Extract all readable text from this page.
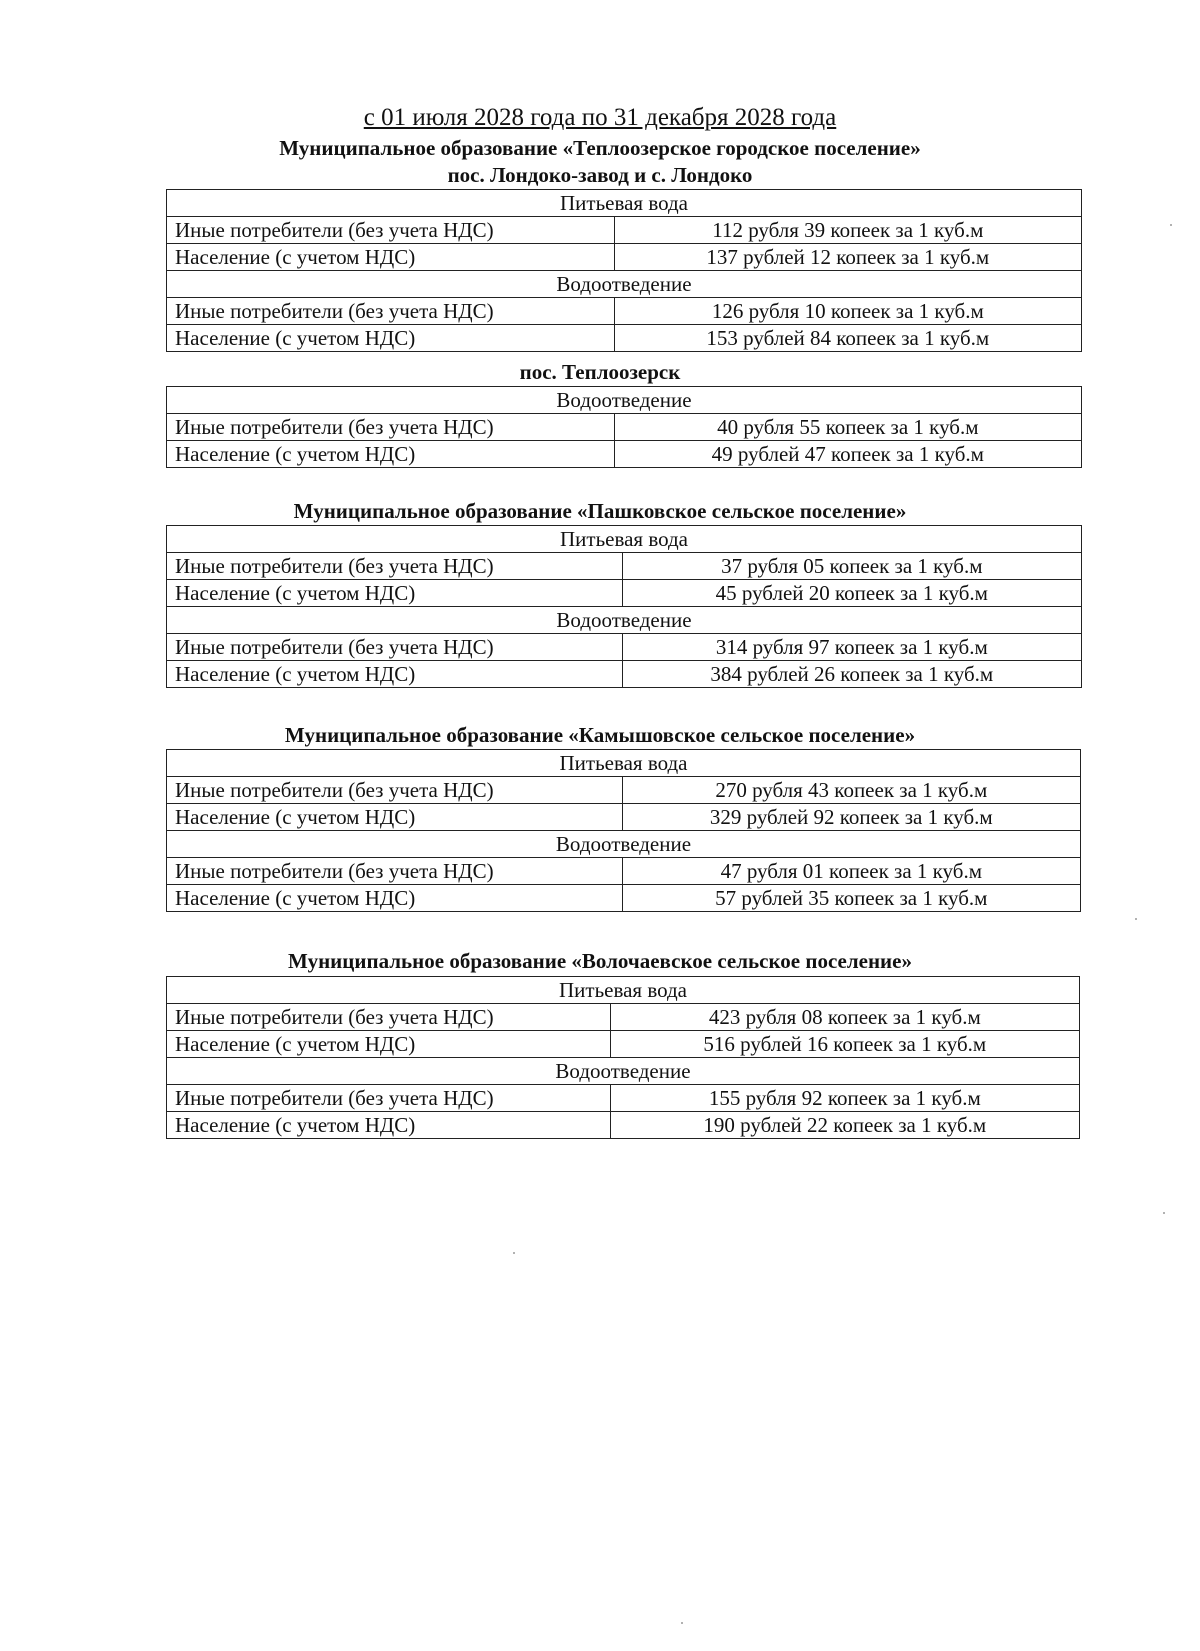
с 01 июля 2028 года по 31 декабря 2028 года
Муниципальное образование «Теплоозерское городское поселение»
пос. Лондоко-завод и с. Лондоко
Питьевая вода	
Иные потребители (без учета НДС)	112 рубля 39 копеек за 1 куб.м
Население (с учетом НДС)	137 рублей 12 копеек за 1 куб.м
Водоотведение	
Иные потребители (без учета НДС)	126 рубля 10 копеек за 1 куб.м
Население (с учетом НДС)	153 рублей 84 копеек за 1 куб.м
пос. Теплоозерск
Водоотведение	
Иные потребители (без учета НДС)	40 рубля 55 копеек за 1 куб.м
Население (с учетом НДС)	49 рублей 47 копеек за 1 куб.м
Муниципальное образование «Пашковское сельское поселение»
Питьевая вода	
Иные потребители (без учета НДС)	37 рубля 05 копеек за 1 куб.м
Население (с учетом НДС)	45 рублей 20 копеек за 1 куб.м
Водоотведение	
Иные потребители (без учета НДС)	314 рубля 97 копеек за 1 куб.м
Население (с учетом НДС)	384 рублей 26 копеек за 1 куб.м
Муниципальное образование «Камышовское сельское поселение»
Питьевая вода	
Иные потребители (без учета НДС)	270 рубля 43 копеек за 1 куб.м
Население (с учетом НДС)	329 рублей 92 копеек за 1 куб.м
Водоотведение	
Иные потребители (без учета НДС)	47 рубля 01 копеек за 1 куб.м
Население (с учетом НДС)	57 рублей 35 копеек за 1 куб.м
Муниципальное образование «Волочаевское сельское поселение»
Питьевая вода	
Иные потребители (без учета НДС)	423 рубля 08 копеек за 1 куб.м
Население (с учетом НДС)	516 рублей 16 копеек за 1 куб.м
Водоотведение	
Иные потребители (без учета НДС)	155 рубля 92 копеек за 1 куб.м
Население (с учетом НДС)	190 рублей 22 копеек за 1 куб.м
